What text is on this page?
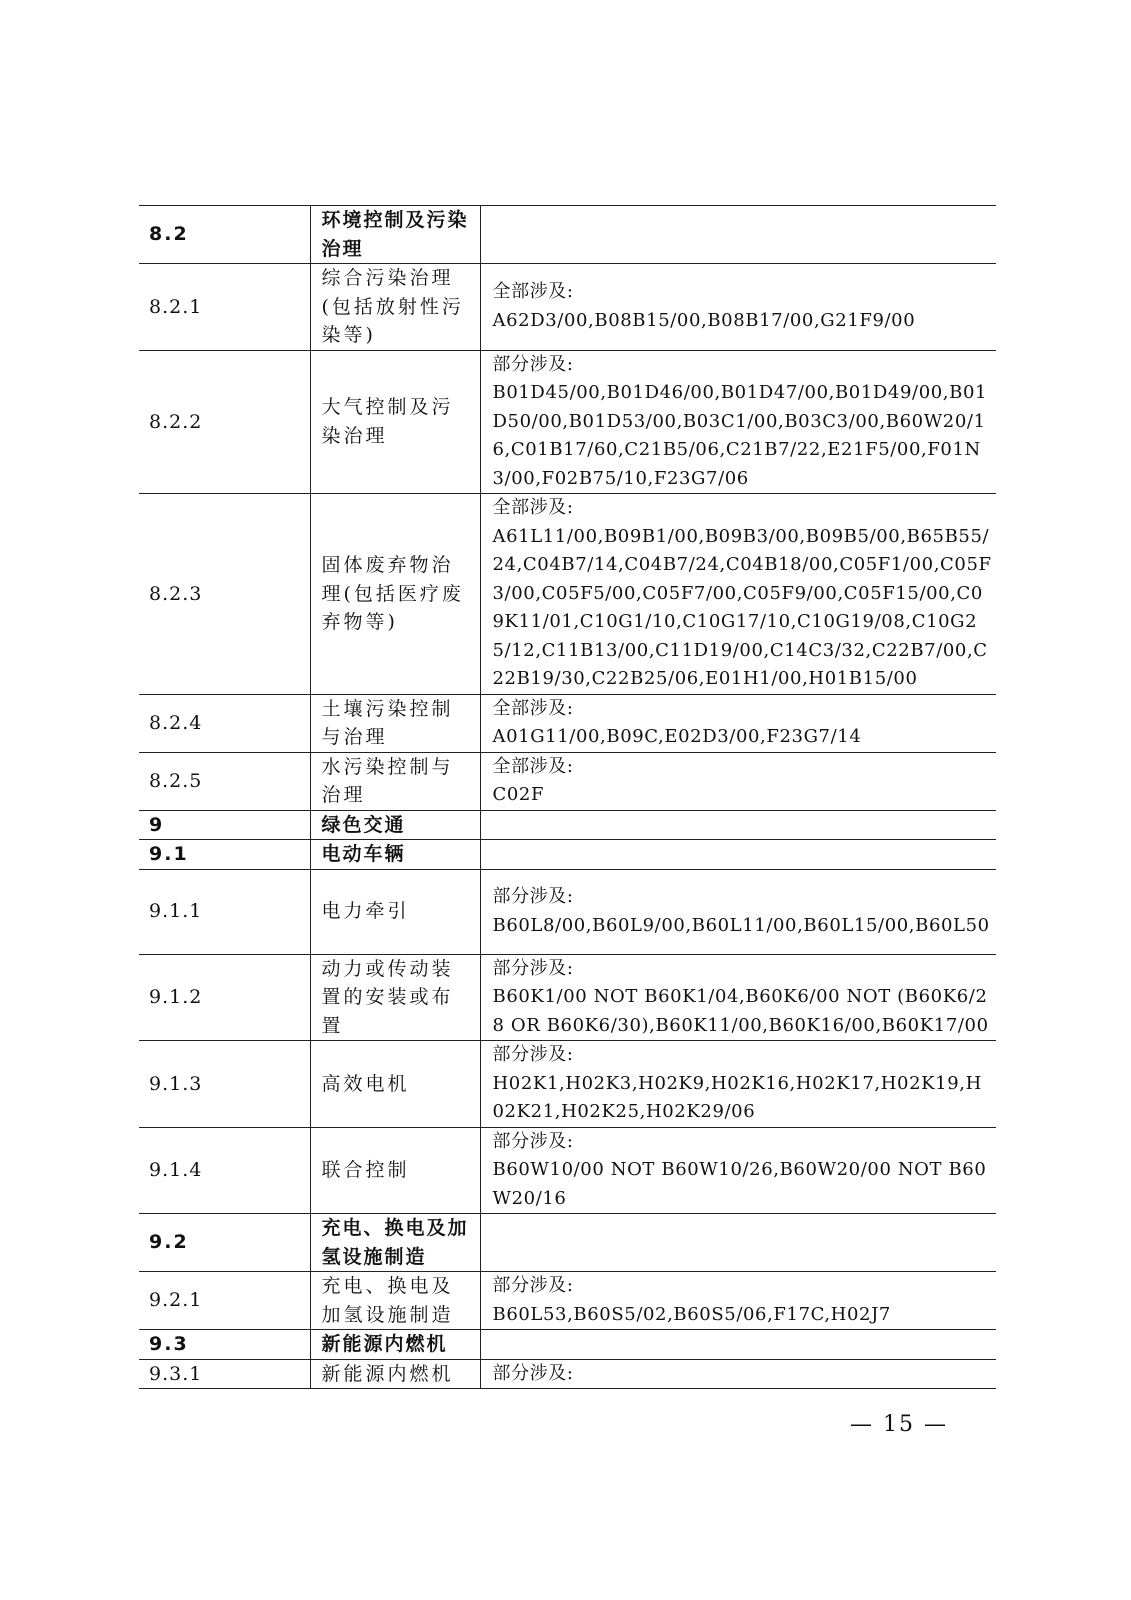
8.2	环境控制及污染治理	
8.2.1	综合污染治理(包括放射性污染等)	全部涉及:
A62D3/00,B08B15/00,B08B17/00,G21F9/00

8.2.2	大气控制及污染治理	部分涉及:
B01D45/00,B01D46/00,B01D47/00,B01D49/00,B01D50/00,B01D53/00,B03C1/00,B03C3/00,B60W20/16,C01B17/60,C21B5/06,C21B7/22,E21F5/00,F01N3/00,F02B75/10,F23G7/06

8.2.3	固体废弃物治理(包括医疗废弃物等)	全部涉及:
A61L11/00,B09B1/00,B09B3/00,B09B5/00,B65B55/24,C04B7/14,C04B7/24,C04B18/00,C05F1/00,C05F3/00,C05F5/00,C05F7/00,C05F9/00,C05F15/00,C09K11/01,C10G1/10,C10G17/10,C10G19/08,C10G25/12,C11B13/00,C11D19/00,C14C3/32,C22B7/00,C22B19/30,C22B25/06,E01H1/00,H01B15/00

8.2.4	土壤污染控制与治理	全部涉及:
A01G11/00,B09C,E02D3/00,F23G7/14

8.2.5	水污染控制与治理	全部涉及:
C02F

9	绿色交通	
9.1	电动车辆	
9.1.1	电力牵引	部分涉及:
B60L8/00,B60L9/00,B60L11/00,B60L15/00,B60L50

9.1.2	动力或传动装置的安装或布置	部分涉及:
B60K1/00 NOT B60K1/04,B60K6/00 NOT (B60K6/28 OR B60K6/30),B60K11/00,B60K16/00,B60K17/00

9.1.3	高效电机	部分涉及:
H02K1,H02K3,H02K9,H02K16,H02K17,H02K19,H02K21,H02K25,H02K29/06

9.1.4	联合控制	部分涉及:
B60W10/00 NOT B60W10/26,B60W20/00 NOT B60W20/16

9.2	充电、换电及加氢设施制造	
9.2.1	充电、换电及加氢设施制造	部分涉及:
B60L53,B60S5/02,B60S5/06,F17C,H02J7

9.3	新能源内燃机	
9.3.1	新能源内燃机	部分涉及:
— 15 —
